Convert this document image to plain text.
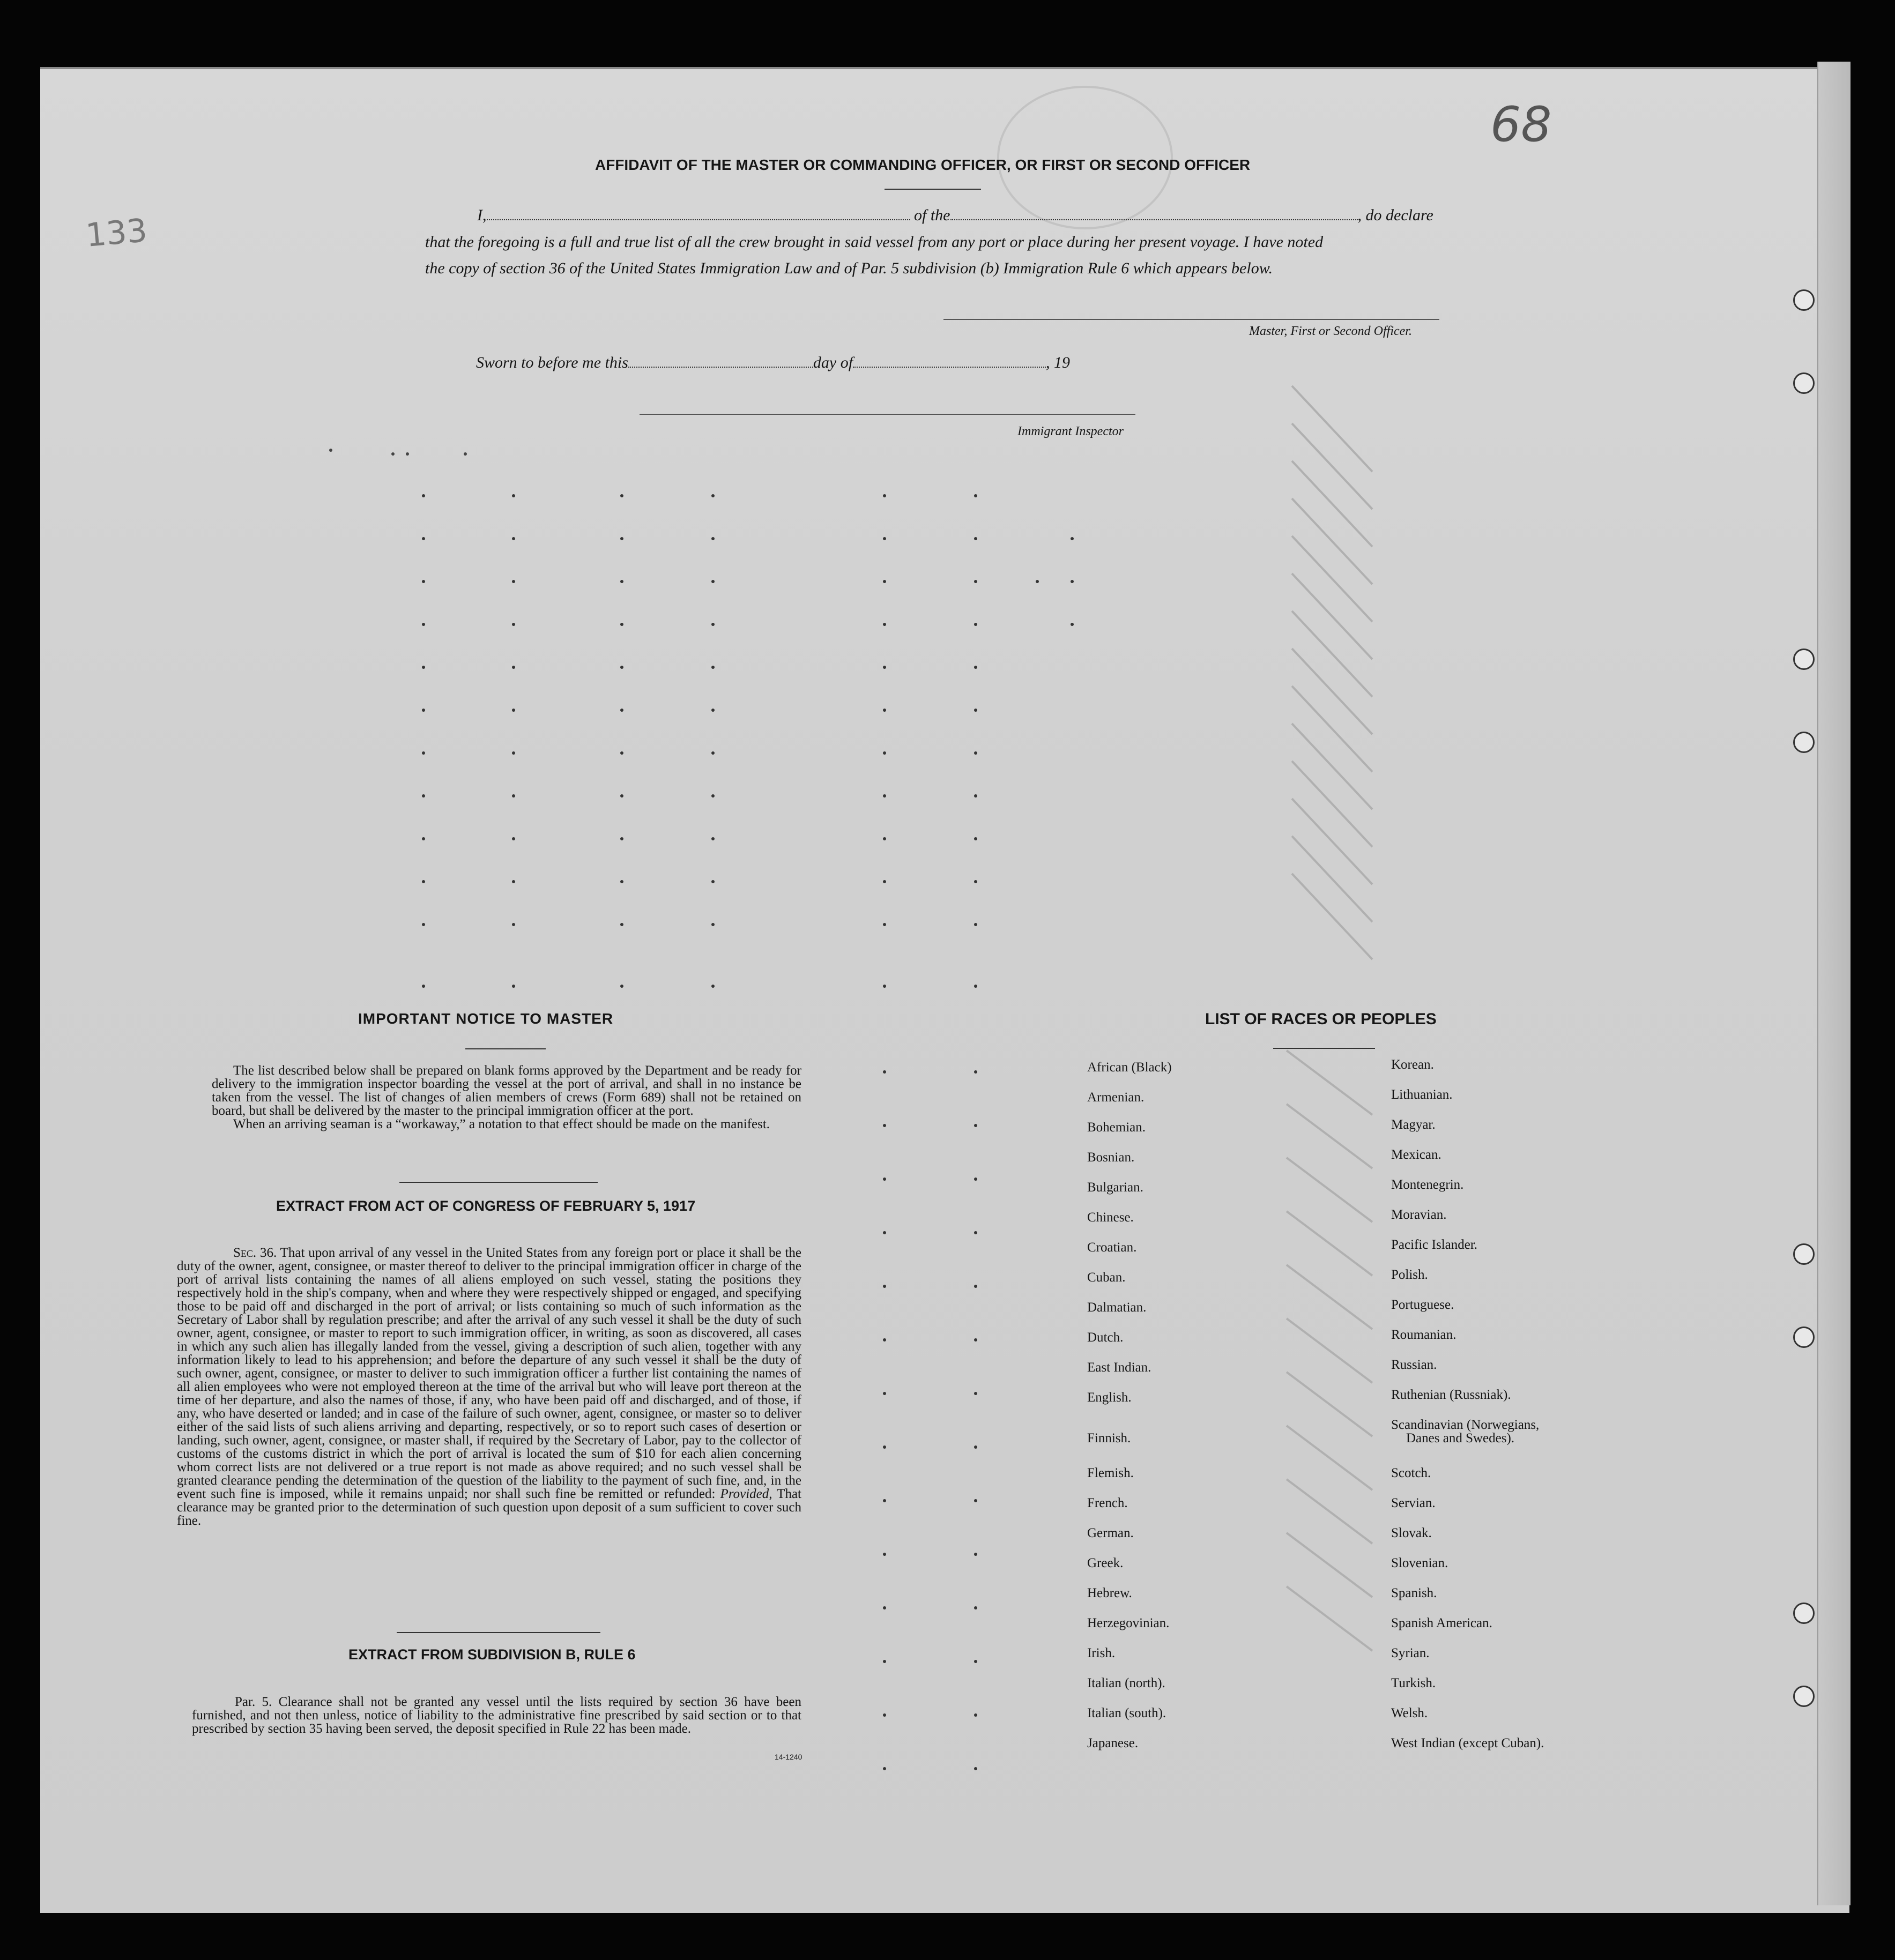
68
133
AFFIDAVIT OF THE MASTER OR COMMANDING OFFICER, OR FIRST OR SECOND OFFICER
I,	of the	, do declare
that the foregoing is a full and true list of all the crew brought in said vessel from any port or place during her present voyage. I have noted
the copy of section 36 of the United States Immigration Law and of Par. 5 subdivision (b) Immigration Rule 6 which appears below.
Master, First or Second Officer.
Sworn to before me this	day of	, 19
Immigrant Inspector
IMPORTANT NOTICE TO MASTER

The list described below shall be prepared on blank forms approved by the Department and be ready for delivery to the immigration inspector boarding the vessel at the port of arrival, and shall in no instance be taken from the vessel. The list of changes of alien members of crews (Form 689) shall not be retained on board, but shall be delivered by the master to the principal immigration officer at the port.

When an arriving seaman is a “workaway,” a notation to that effect should be made on the manifest.

EXTRACT FROM ACT OF CONGRESS OF FEBRUARY 5, 1917

Sec. 36. That upon arrival of any vessel in the United States from any foreign port or place it shall be the duty of the owner, agent, consignee, or master thereof to deliver to the principal immigration officer in charge of the port of arrival lists containing the names of all aliens employed on such vessel, stating the positions they respectively hold in the ship's company, when and where they were respectively shipped or engaged, and specifying those to be paid off and discharged in the port of arrival; or lists containing so much of such information as the Secretary of Labor shall by regulation prescribe; and after the arrival of any such vessel it shall be the duty of such owner, agent, consignee, or master to report to such immigration officer, in writing, as soon as discovered, all cases in which any such alien has illegally landed from the vessel, giving a description of such alien, together with any information likely to lead to his apprehension; and before the departure of any such vessel it shall be the duty of such owner, agent, consignee, or master to deliver to such immigration officer a further list containing the names of all alien employees who were not employed thereon at the time of the arrival but who will leave port thereon at the time of her departure, and also the names of those, if any, who have been paid off and discharged, and of those, if any, who have deserted or landed; and in case of the failure of such owner, agent, consignee, or master so to deliver either of the said lists of such aliens arriving and departing, respectively, or so to report such cases of desertion or landing, such owner, agent, consignee, or master shall, if required by the Secretary of Labor, pay to the collector of customs of the customs district in which the port of arrival is located the sum of $10 for each alien concerning whom correct lists are not delivered or a true report is not made as above required; and no such vessel shall be granted clearance pending the determination of the question of the liability to the payment of such fine, and, in the event such fine is imposed, while it remains unpaid; nor shall such fine be remitted or refunded: Provided, That clearance may be granted prior to the determination of such question upon deposit of a sum sufficient to cover such fine.

EXTRACT FROM SUBDIVISION B, RULE 6
Par. 5. Clearance shall not be granted any vessel until the lists required by section 36 have been furnished, and not then unless, notice of liability to the administrative fine prescribed by said section or to that prescribed by section 35 having been served, the deposit specified in Rule 22 has been made.
14-1240
LIST OF RACES OR PEOPLES
African (Black)
Armenian.
Bohemian.
Bosnian.
Bulgarian.
Chinese.
Croatian.
Cuban.
Dalmatian.
Dutch.
East Indian.
English.
Finnish.
Flemish.
French.
German.
Greek.
Hebrew.
Herzegovinian.
Irish.
Italian (north).
Italian (south).
Japanese.
Korean.
Lithuanian.
Magyar.
Mexican.
Montenegrin.
Moravian.
Pacific Islander.
Polish.
Portuguese.
Roumanian.
Russian.
Ruthenian (Russniak).
Scandinavian (Norwegians,
Danes and Swedes).
Scotch.
Servian.
Slovak.
Slovenian.
Spanish.
Spanish American.
Syrian.
Turkish.
Welsh.
West Indian (except Cuban).
